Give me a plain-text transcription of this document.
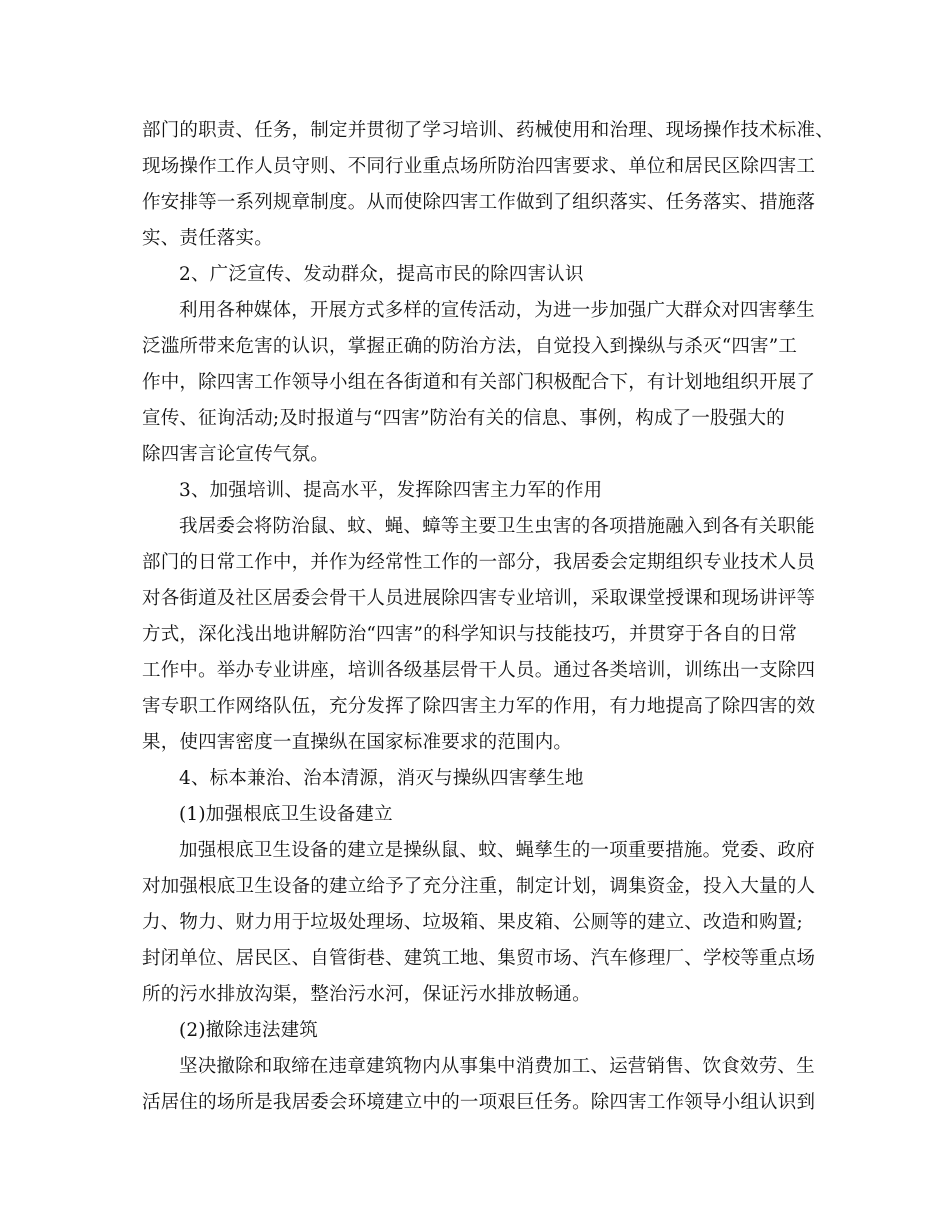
部门的职责、任务，制定并贯彻了学习培训、药械使用和治理、现场操作技术标准、
现场操作工作人员守则、不同行业重点场所防治四害要求、单位和居民区除四害工
作安排等一系列规章制度。从而使除四害工作做到了组织落实、任务落实、措施落
实、责任落实。
2、广泛宣传、发动群众，提高市民的除四害认识
利用各种媒体，开展方式多样的宣传活动，为进一步加强广大群众对四害孳生
泛滥所带来危害的认识，掌握正确的防治方法，自觉投入到操纵与杀灭“四害”工
作中，除四害工作领导小组在各街道和有关部门积极配合下，有计划地组织开展了
宣传、征询活动;及时报道与“四害”防治有关的信息、事例，构成了一股强大的
除四害言论宣传气氛。
3、加强培训、提高水平，发挥除四害主力军的作用
我居委会将防治鼠、蚊、蝇、蟑等主要卫生虫害的各项措施融入到各有关职能
部门的日常工作中，并作为经常性工作的一部分，我居委会定期组织专业技术人员
对各街道及社区居委会骨干人员进展除四害专业培训，采取课堂授课和现场讲评等
方式，深化浅出地讲解防治“四害”的科学知识与技能技巧，并贯穿于各自的日常
工作中。举办专业讲座，培训各级基层骨干人员。通过各类培训，训练出一支除四
害专职工作网络队伍，充分发挥了除四害主力军的作用，有力地提高了除四害的效
果，使四害密度一直操纵在国家标准要求的范围内。
4、标本兼治、治本清源，消灭与操纵四害孳生地
(1)加强根底卫生设备建立
加强根底卫生设备的建立是操纵鼠、蚊、蝇孳生的一项重要措施。党委、政府
对加强根底卫生设备的建立给予了充分注重，制定计划，调集资金，投入大量的人
力、物力、财力用于垃圾处理场、垃圾箱、果皮箱、公厕等的建立、改造和购置;
封闭单位、居民区、自管街巷、建筑工地、集贸市场、汽车修理厂、学校等重点场
所的污水排放沟渠，整治污水河，保证污水排放畅通。
(2)撤除违法建筑
坚决撤除和取缔在违章建筑物内从事集中消费加工、运营销售、饮食效劳、生
活居住的场所是我居委会环境建立中的一项艰巨任务。除四害工作领导小组认识到
